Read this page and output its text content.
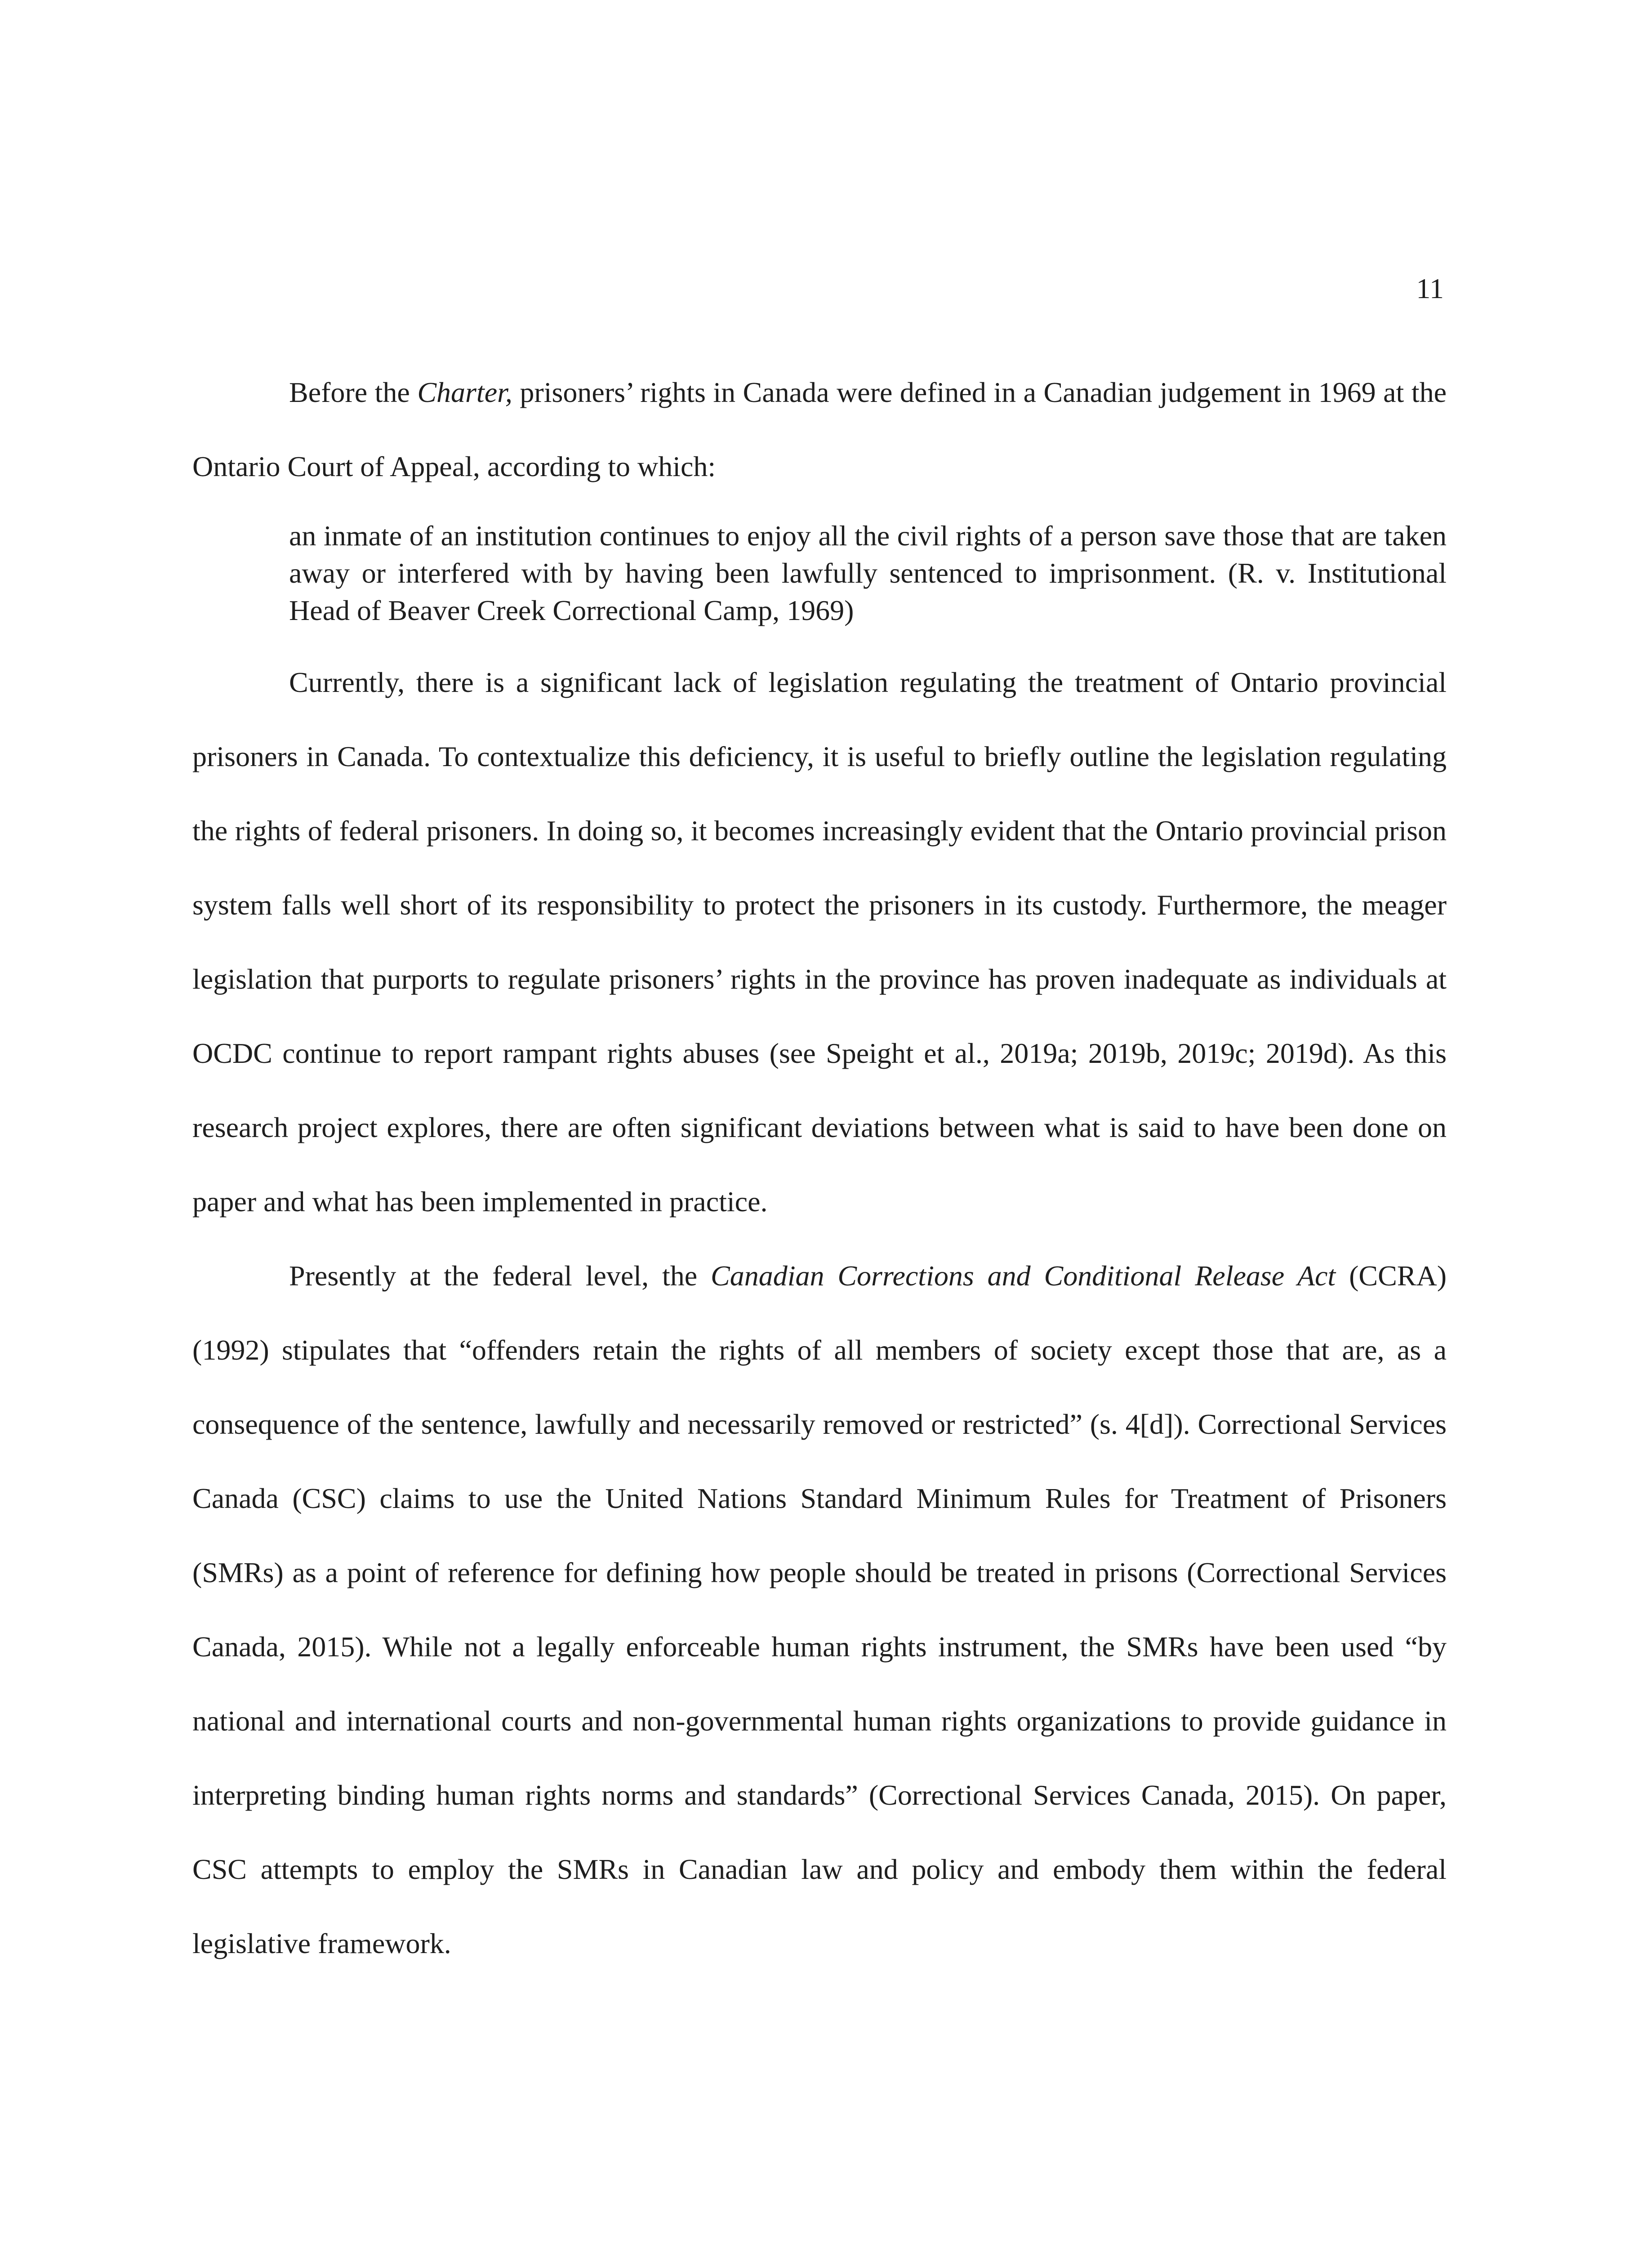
11

Before the Charter, prisoners’ rights in Canada were defined in a Canadian judgement in 1969 at the Ontario Court of Appeal, according to which:

an inmate of an institution continues to enjoy all the civil rights of a person save those that are taken away or interfered with by having been lawfully sentenced to imprisonment. (R. v. Institutional Head of Beaver Creek Correctional Camp, 1969)

Currently, there is a significant lack of legislation regulating the treatment of Ontario provincial prisoners in Canada. To contextualize this deficiency, it is useful to briefly outline the legislation regulating the rights of federal prisoners. In doing so, it becomes increasingly evident that the Ontario provincial prison system falls well short of its responsibility to protect the prisoners in its custody. Furthermore, the meager legislation that purports to regulate prisoners’ rights in the province has proven inadequate as individuals at OCDC continue to report rampant rights abuses (see Speight et al., 2019a; 2019b, 2019c; 2019d). As this research project explores, there are often significant deviations between what is said to have been done on paper and what has been implemented in practice.

Presently at the federal level, the Canadian Corrections and Conditional Release Act (CCRA) (1992) stipulates that “offenders retain the rights of all members of society except those that are, as a consequence of the sentence, lawfully and necessarily removed or restricted” (s. 4[d]). Correctional Services Canada (CSC) claims to use the United Nations Standard Minimum Rules for Treatment of Prisoners (SMRs) as a point of reference for defining how people should be treated in prisons (Correctional Services Canada, 2015). While not a legally enforceable human rights instrument, the SMRs have been used “by national and international courts and non-governmental human rights organizations to provide guidance in interpreting binding human rights norms and standards” (Correctional Services Canada, 2015). On paper, CSC attempts to employ the SMRs in Canadian law and policy and embody them within the federal legislative framework.
